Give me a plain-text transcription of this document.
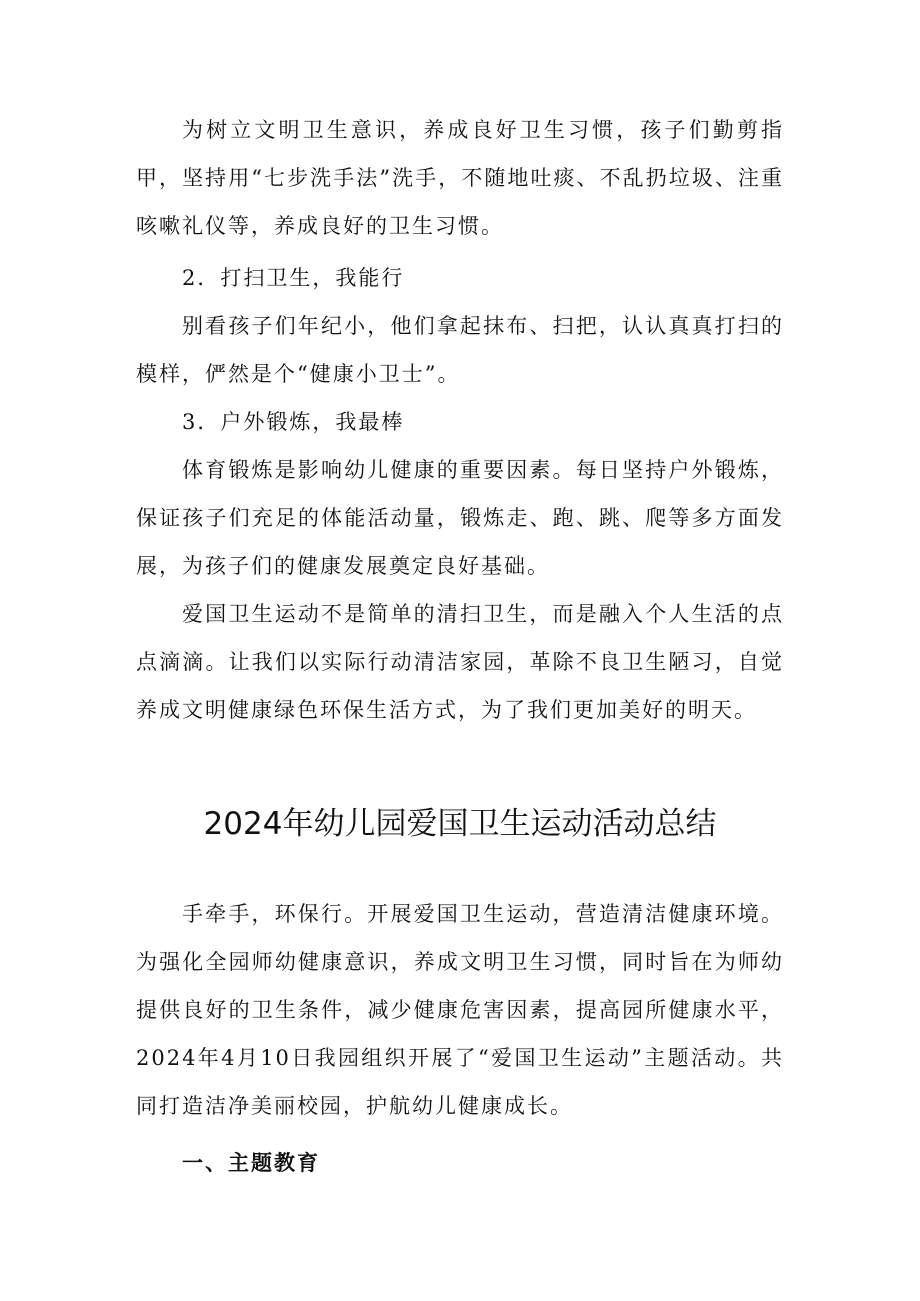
为树立文明卫生意识，养成良好卫生习惯，孩子们勤剪指甲，坚持用“七步洗手法”洗手，不随地吐痰、不乱扔垃圾、注重咳嗽礼仪等，养成良好的卫生习惯。

2．打扫卫生，我能行

别看孩子们年纪小，他们拿起抹布、扫把，认认真真打扫的模样，俨然是个“健康小卫士”。

3．户外锻炼，我最棒

体育锻炼是影响幼儿健康的重要因素。每日坚持户外锻炼，保证孩子们充足的体能活动量，锻炼走、跑、跳、爬等多方面发展，为孩子们的健康发展奠定良好基础。

爱国卫生运动不是简单的清扫卫生，而是融入个人生活的点点滴滴。让我们以实际行动清洁家园，革除不良卫生陋习，自觉养成文明健康绿色环保生活方式，为了我们更加美好的明天。

2024年幼儿园爱国卫生运动活动总结

手牵手，环保行。开展爱国卫生运动，营造清洁健康环境。为强化全园师幼健康意识，养成文明卫生习惯，同时旨在为师幼提供良好的卫生条件，减少健康危害因素，提高园所健康水平，2024年4月10日我园组织开展了“爱国卫生运动”主题活动。共同打造洁净美丽校园，护航幼儿健康成长。

一、主题教育
